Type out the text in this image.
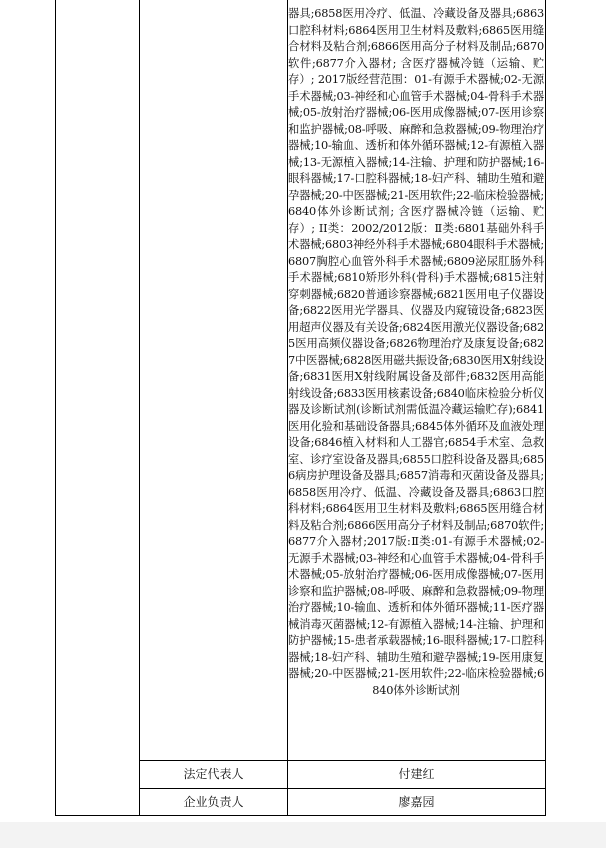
器具;6858医用冷疗、低温、冷藏设备及器具;6863口腔科材料;6864医用卫生材料及敷料;6865医用缝合材料及粘合剂;6866医用高分子材料及制品;6870软件;6877介入器材; 含医疗器械冷链（运输、贮存）; 2017版经营范围：01-有源手术器械;02-无源手术器械;03-神经和心血管手术器械;04-骨科手术器械;05-放射治疗器械;06-医用成像器械;07-医用诊察和监护器械;08-呼吸、麻醉和急救器械;09-物理治疗器械;10-输血、透析和体外循环器械;12-有源植入器械;13-无源植入器械;14-注输、护理和防护器械;16-眼科器械;17-口腔科器械;18-妇产科、辅助生殖和避孕器械;20-中医器械;21-医用软件;22-临床检验器械;6840体外诊断试剂; 含医疗器械冷链（运输、贮存）; II类：2002/2012版：Ⅱ类:6801基础外科手术器械;6803神经外科手术器械;6804眼科手术器械;6807胸腔心血管外科手术器械;6809泌尿肛肠外科手术器械;6810矫形外科(骨科)手术器械;6815注射穿刺器械;6820普通诊察器械;6821医用电子仪器设备;6822医用光学器具、仪器及内窥镜设备;6823医用超声仪器及有关设备;6824医用激光仪器设备;6825医用高频仪器设备;6826物理治疗及康复设备;6827中医器械;6828医用磁共振设备;6830医用X射线设备;6831医用X射线附属设备及部件;6832医用高能射线设备;6833医用核素设备;6840临床检验分析仪器及诊断试剂(诊断试剂需低温冷藏运输贮存);6841医用化验和基础设备器具;6845体外循环及血液处理设备;6846植入材料和人工器官;6854手术室、急救室、诊疗室设备及器具;6855口腔科设备及器具;6856病房护理设备及器具;6857消毒和灭菌设备及器具;6858医用冷疗、低温、冷藏设备及器具;6863口腔科材料;6864医用卫生材料及敷料;6865医用缝合材料及粘合剂;6866医用高分子材料及制品;6870软件;6877介入器材;2017版:Ⅱ类:01-有源手术器械;02-无源手术器械;03-神经和心血管手术器械;04-骨科手术器械;05-放射治疗器械;06-医用成像器械;07-医用诊察和监护器械;08-呼吸、麻醉和急救器械;09-物理治疗器械;10-输血、透析和体外循环器械;11-医疗器械消毒灭菌器械;12-有源植入器械;14-注输、护理和防护器械;15-患者承载器械;16-眼科器械;17-口腔科器械;18-妇产科、辅助生殖和避孕器械;19-医用康复器械;20-中医器械;21-医用软件;22-临床检验器械;6840体外诊断试剂

法定代表人	付建红
企业负责人	廖嘉园
